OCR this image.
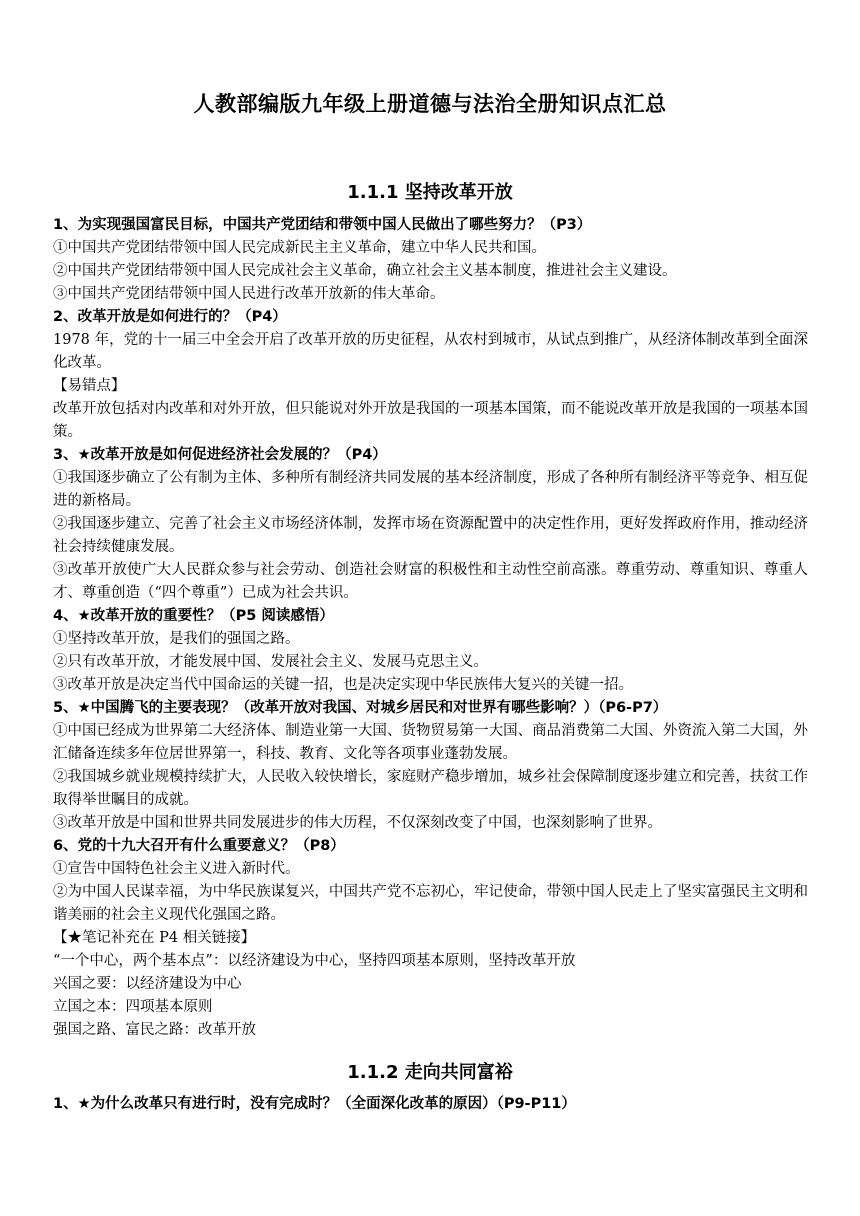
人教部编版九年级上册道德与法治全册知识点汇总
1.1.1 坚持改革开放
1、为实现强国富民目标，中国共产党团结和带领中国人民做出了哪些努力？（P3）
①中国共产党团结带领中国人民完成新民主主义革命，建立中华人民共和国。
②中国共产党团结带领中国人民完成社会主义革命，确立社会主义基本制度，推进社会主义建设。
③中国共产党团结带领中国人民进行改革开放新的伟大革命。
2、改革开放是如何进行的？（P4）
1978 年，党的十一届三中全会开启了改革开放的历史征程，从农村到城市，从试点到推广，从经济体制改革到全面深化改革。
【易错点】
改革开放包括对内改革和对外开放，但只能说对外开放是我国的一项基本国策，而不能说改革开放是我国的一项基本国策。
3、★改革开放是如何促进经济社会发展的？（P4）
①我国逐步确立了公有制为主体、多种所有制经济共同发展的基本经济制度，形成了各种所有制经济平等竞争、相互促进的新格局。
②我国逐步建立、完善了社会主义市场经济体制，发挥市场在资源配置中的决定性作用，更好发挥政府作用，推动经济社会持续健康发展。
③改革开放使广大人民群众参与社会劳动、创造社会财富的积极性和主动性空前高涨。尊重劳动、尊重知识、尊重人才、尊重创造（“四个尊重”）已成为社会共识。
4、★改革开放的重要性？（P5 阅读感悟）
①坚持改革开放，是我们的强国之路。
②只有改革开放，才能发展中国、发展社会主义、发展马克思主义。
③改革开放是决定当代中国命运的关键一招，也是决定实现中华民族伟大复兴的关键一招。
5、★中国腾飞的主要表现？（改革开放对我国、对城乡居民和对世界有哪些影响？）（P6-P7）
①中国已经成为世界第二大经济体、制造业第一大国、货物贸易第一大国、商品消费第二大国、外资流入第二大国，外汇储备连续多年位居世界第一，科技、教育、文化等各项事业蓬勃发展。
②我国城乡就业规模持续扩大，人民收入较快增长，家庭财产稳步增加，城乡社会保障制度逐步建立和完善，扶贫工作取得举世瞩目的成就。
③改革开放是中国和世界共同发展进步的伟大历程，不仅深刻改变了中国，也深刻影响了世界。
6、党的十九大召开有什么重要意义？（P8）
①宣告中国特色社会主义进入新时代。
②为中国人民谋幸福，为中华民族谋复兴，中国共产党不忘初心，牢记使命，带领中国人民走上了坚实富强民主文明和谐美丽的社会主义现代化强国之路。
【★笔记补充在 P4 相关链接】
“一个中心，两个基本点”：以经济建设为中心，坚持四项基本原则，坚持改革开放
兴国之要：以经济建设为中心
立国之本：四项基本原则
强国之路、富民之路：改革开放
1.1.2 走向共同富裕
1、★为什么改革只有进行时，没有完成时？（全面深化改革的原因）（P9-P11）
